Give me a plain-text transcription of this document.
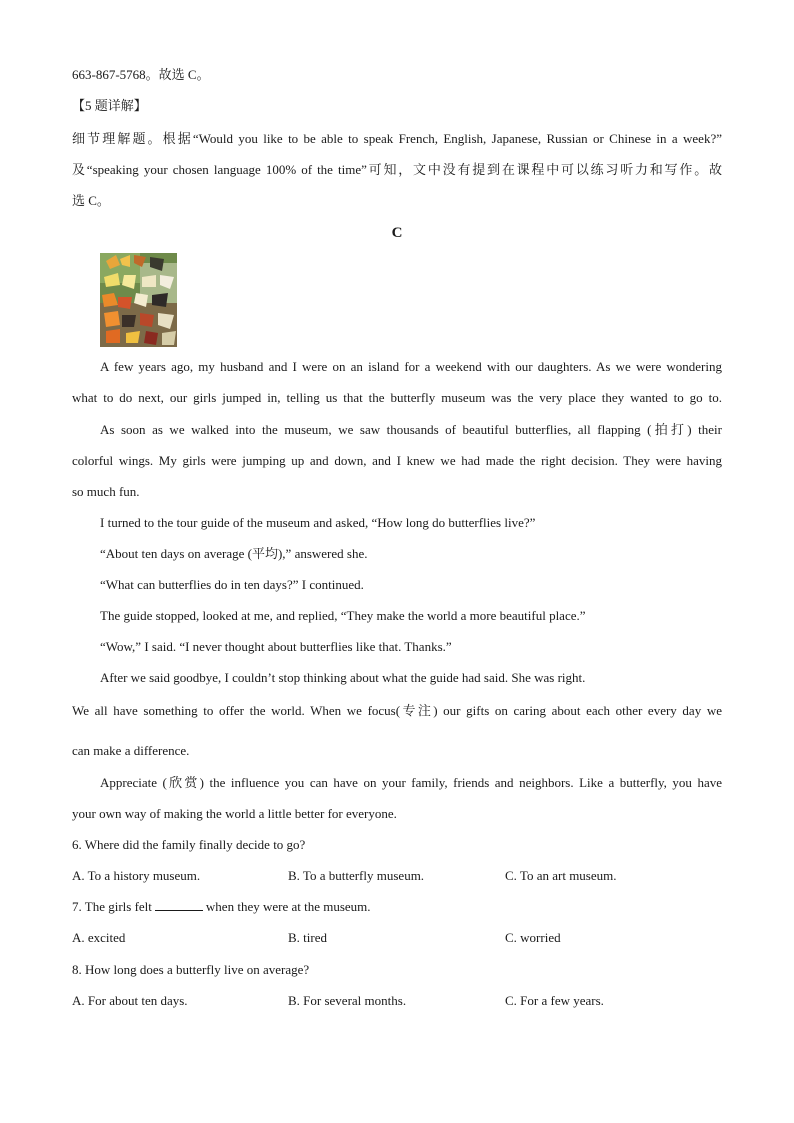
663-867-5768。故选 C。
【5 题详解】
细节理解题。根据“Would you like to be able to speak French, English, Japanese, Russian or Chinese in a week?”
及“speaking your chosen language 100% of the time”可知，文中没有提到在课程中可以练习听力和写作。故
选 C。
C
A few years ago, my husband and I were on an island for a weekend with our daughters. As we were wondering
what to do next, our girls jumped in, telling us that the butterfly museum was the very place they wanted to go to.
As soon as we walked into the museum, we saw thousands of beautiful butterflies, all flapping (拍打) their
colorful wings. My girls were jumping up and down, and I knew we had made the right decision. They were having
so much fun.
I turned to the tour guide of the museum and asked, “How long do butterflies live?”
“About ten days on average (平均),” answered she.
“What can butterflies do in ten days?” I continued.
The guide stopped, looked at me, and replied, “They make the world a more beautiful place.”
“Wow,” I said. “I never thought about butterflies like that. Thanks.”
After we said goodbye, I couldn’t stop thinking about what the guide had said. She was right.
We all have something to offer the world. When we focus(专注) our gifts on caring about each other every day we
can make a difference.
Appreciate (欣赏) the influence you can have on your family, friends and neighbors. Like a butterfly, you have
your own way of making the world a little better for everyone.
6. Where did the family finally decide to go?
A. To a history museum.	B. To a butterfly museum.	C. To an art museum.
7. The girls felt	when they were at the museum.
A. excited	B. tired	C. worried
8. How long does a butterfly live on average?
A. For about ten days.	B. For several months.	C. For a few years.
